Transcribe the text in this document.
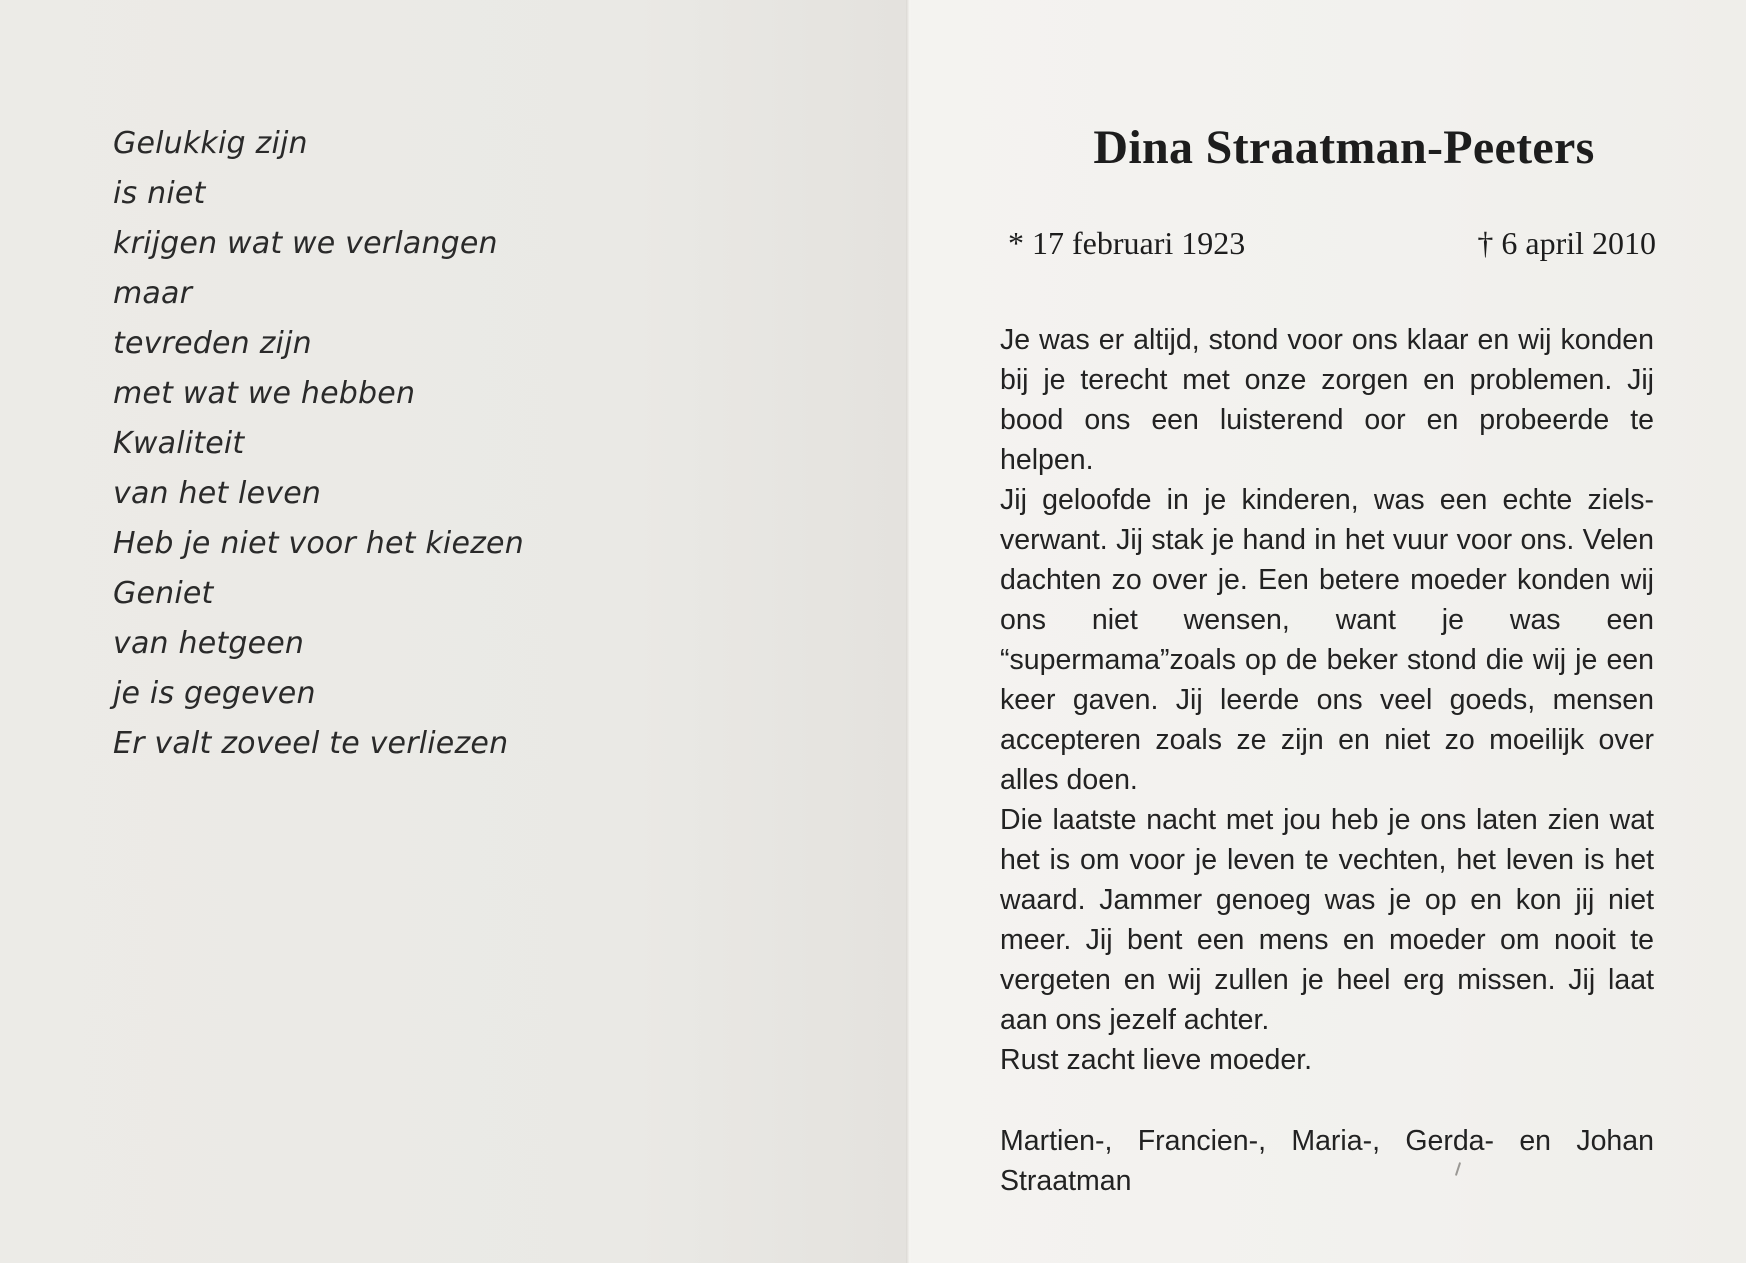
Gelukkig zijn
is niet
krijgen wat we verlangen
maar
tevreden zijn
met wat we hebben
Kwaliteit
van het leven
Heb je niet voor het kiezen
Geniet
van hetgeen
je is gegeven
Er valt zoveel te verliezen
Dina Straatman-Peeters
* 17 februari 1923	† 6 april 2010

Je was er altijd, stond voor ons klaar en wij konden bij je terecht met onze zorgen en problemen. Jij bood ons een luisterend oor en probeerde te helpen.

Jij geloofde in je kinderen, was een echte zielsverwant. Jij stak je hand in het vuur voor ons. Velen dachten zo over je. Een betere moeder konden wij ons niet wensen, want je was een “supermama”zoals op de beker stond die wij je een keer gaven. Jij leerde ons veel goeds, mensen accepteren zoals ze zijn en niet zo moeilijk over alles doen.

Die laatste nacht met jou heb je ons laten zien wat het is om voor je leven te vechten, het leven is het waard. Jammer genoeg was je op en kon jij niet meer. Jij bent een mens en moeder om nooit te vergeten en wij zullen je heel erg missen. Jij laat aan ons jezelf achter.

Rust zacht lieve moeder.

Martien-, Francien-, Maria-, Gerda- en Johan Straatman
